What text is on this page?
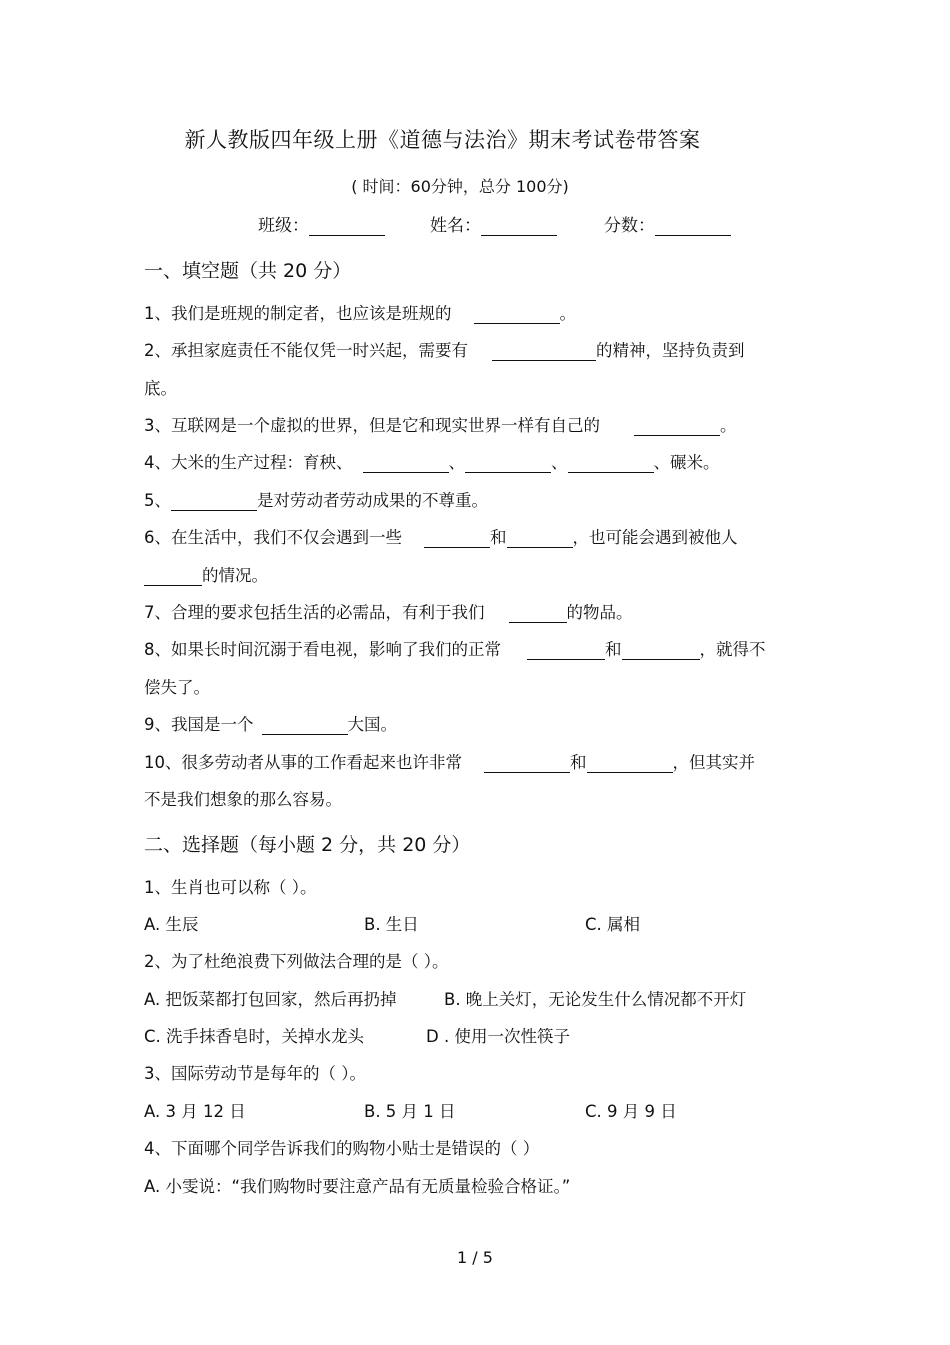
新人教版四年级上册《道德与法治》期末考试卷带答案
( 时间：60分钟，总分 100分)
班级：	姓名：	分数：
一、填空题（共 20 分）
1、我们是班规的制定者，也应该是班规的	。
2、承担家庭责任不能仅凭一时兴起，需要有	的精神，坚持负责到
底。
3、互联网是一个虚拟的世界，但是它和现实世界一样有自己的	。
4、大米的生产过程：育秧、	、	、	、碾米。
5、	是对劳动者劳动成果的不尊重。
6、在生活中，我们不仅会遇到一些	和	，也可能会遇到被他人
的情况。
7、合理的要求包括生活的必需品，有利于我们	的物品。
8、如果长时间沉溺于看电视，影响了我们的正常	和	，就得不
偿失了。
9、我国是一个	大国。
10、很多劳动者从事的工作看起来也许非常	和	，但其实并
不是我们想象的那么容易。
二、选择题（每小题 2 分，共 20 分）
1、生肖也可以称（ ）。
A. 生辰	B. 生日	C. 属相
2、为了杜绝浪费下列做法合理的是（ ）。
A. 把饭菜都打包回家，然后再扔掉	B. 晚上关灯，无论发生什么情况都不开灯
C. 洗手抹香皂时，关掉水龙头	D . 使用一次性筷子
3、国际劳动节是每年的（ ）。
A. 3 月 12 日	B. 5 月 1 日	C. 9 月 9 日
4、下面哪个同学告诉我们的购物小贴士是错误的（ ）
A. 小雯说：“我们购物时要注意产品有无质量检验合格证。”
1 / 5
